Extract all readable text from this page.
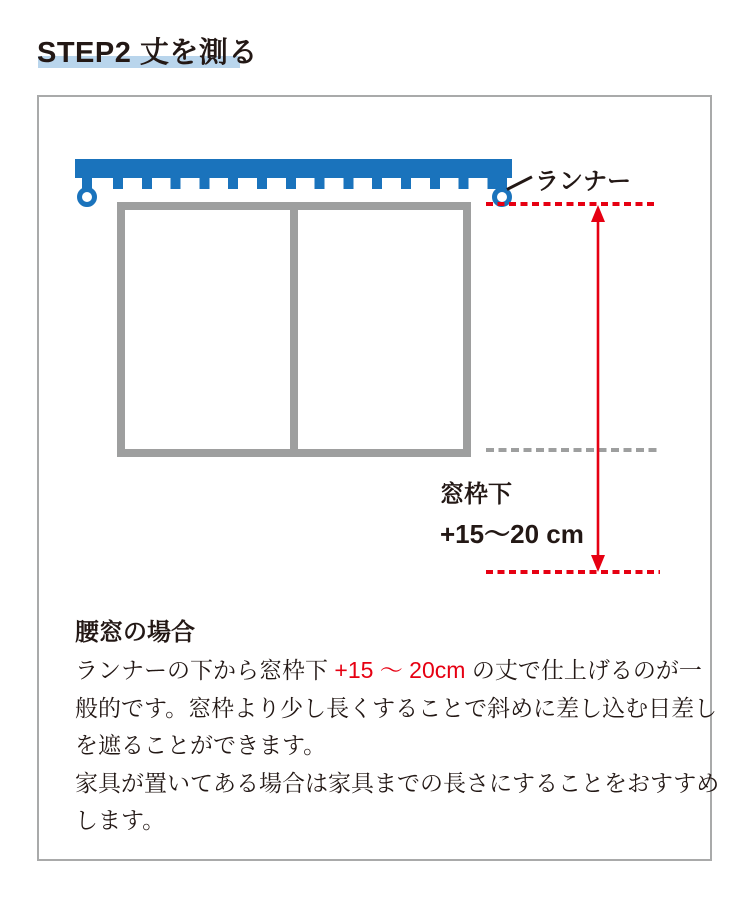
STEP2 丈を測る
ランナー
窓枠下
+15～20 cm
腰窓の場合
ランナーの下から窓枠下 +15 ～ 20cm の丈で仕上げるのが一
般的です。窓枠より少し長くすることで斜めに差し込む日差し
を遮ることができます。
家具が置いてある場合は家具までの長さにすることをおすすめ
します。
